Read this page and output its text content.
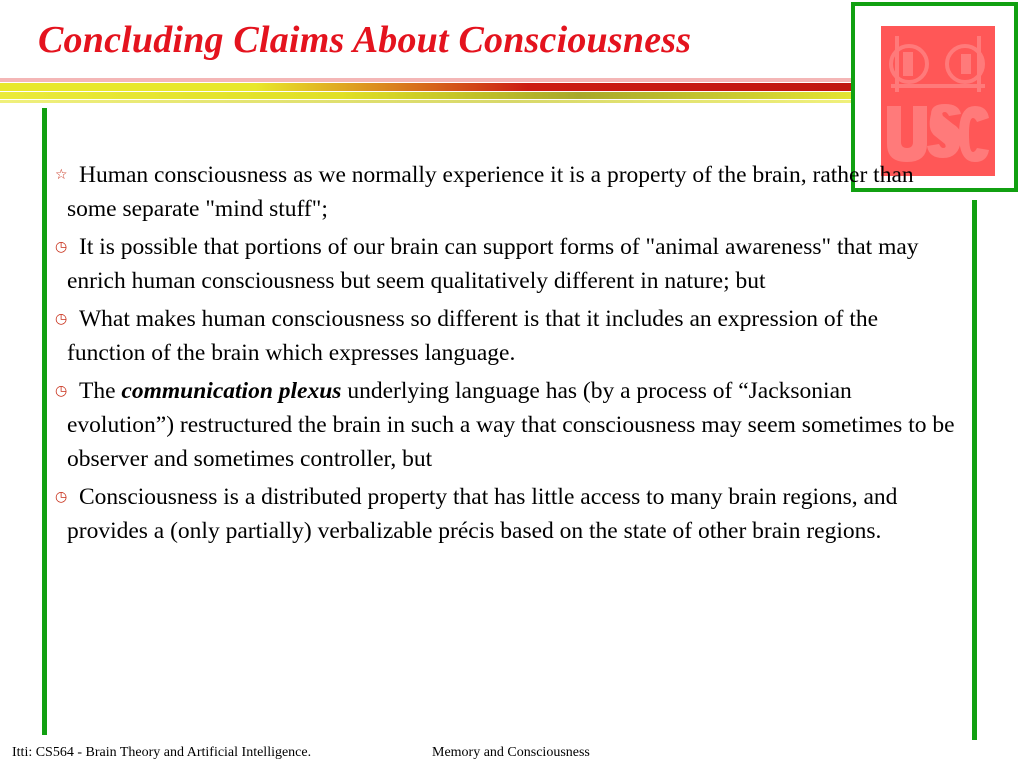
Concluding Claims About Consciousness
☆ Human consciousness as we normally experience it is a property of the brain, rather than some separate "mind stuff";
◷ It is possible that portions of our brain can support forms of "animal awareness" that may enrich human consciousness but seem qualitatively different in nature; but
◷ What makes human consciousness so different is that it includes an expression of the function of the brain which expresses language.
◷ The communication plexus underlying language has (by a process of “Jacksonian evolution”) restructured the brain in such a way that consciousness may seem sometimes to be observer and sometimes controller, but
◷ Consciousness is a distributed property that has little access to many brain regions, and provides a (only partially) verbalizable précis based on the state of other brain regions.
Itti: CS564 - Brain Theory and Artificial Intelligence.	Memory and Consciousness
